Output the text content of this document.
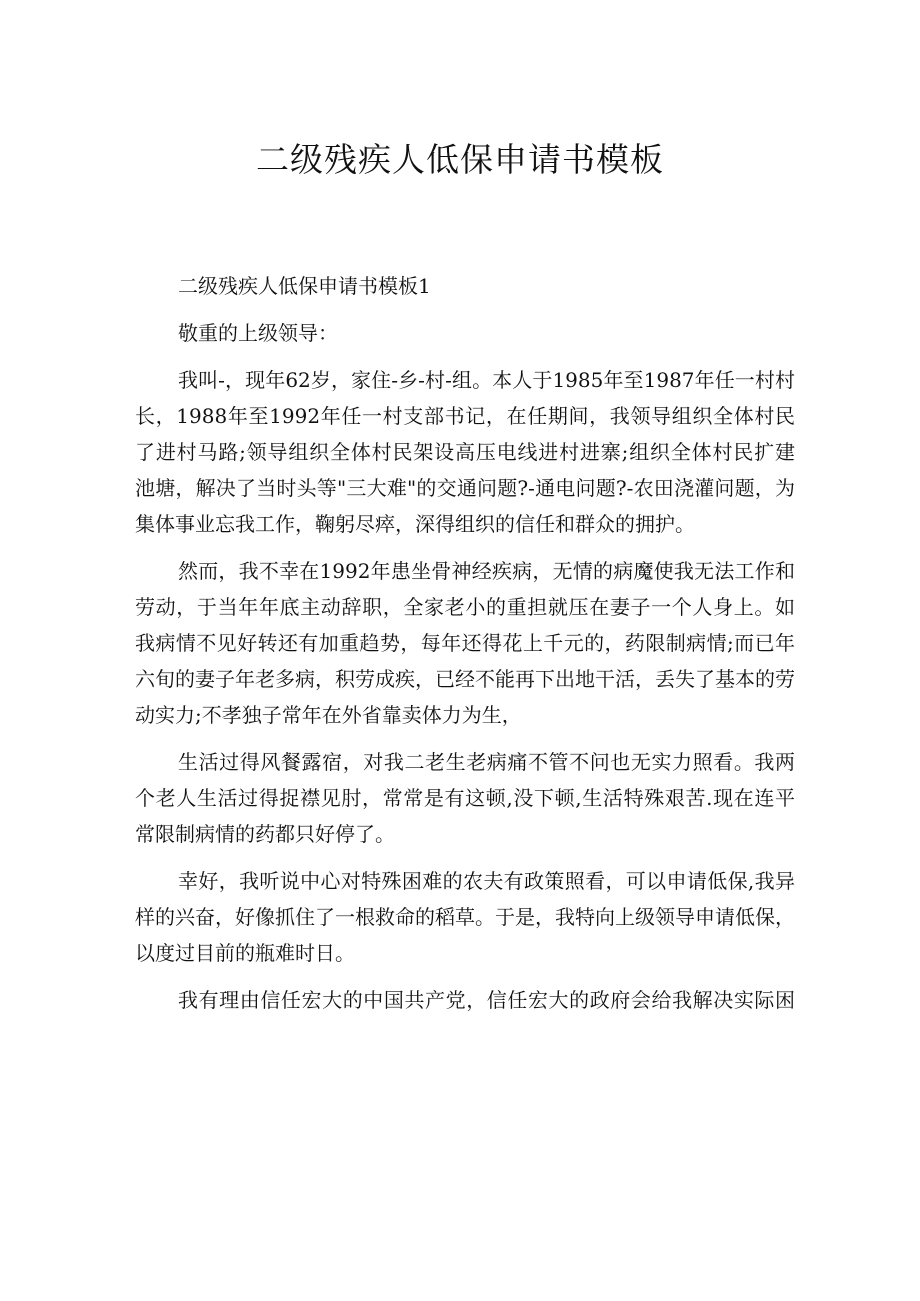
二级残疾人低保申请书模板
二级残疾人低保申请书模板1
敬重的上级领导：
我叫-，现年62岁，家住-乡-村-组。本人于1985年至1987年任一村村
长，1988年至1992年任一村支部书记，在任期间，我领导组织全体村民
了进村马路;领导组织全体村民架设高压电线进村进寨;组织全体村民扩建
池塘，解决了当时头等"三大难"的交通问题?-通电问题?-农田浇灌问题，为
集体事业忘我工作，鞠躬尽瘁，深得组织的信任和群众的拥护。
然而，我不幸在1992年患坐骨神经疾病，无情的病魔使我无法工作和
劳动，于当年年底主动辞职，全家老小的重担就压在妻子一个人身上。如
我病情不见好转还有加重趋势，每年还得花上千元的，药限制病情;而已年
六旬的妻子年老多病，积劳成疾，已经不能再下出地干活，丢失了基本的劳
动实力;不孝独子常年在外省靠卖体力为生，
生活过得风餐露宿，对我二老生老病痛不管不问也无实力照看。我两
个老人生活过得捉襟见肘，常常是有这顿,没下顿,生活特殊艰苦.现在连平
常限制病情的药都只好停了。
幸好，我听说中心对特殊困难的农夫有政策照看，可以申请低保,我异
样的兴奋，好像抓住了一根救命的稻草。于是，我特向上级领导申请低保，
以度过目前的瓶难时日。
我有理由信任宏大的中国共产党，信任宏大的政府会给我解决实际困
